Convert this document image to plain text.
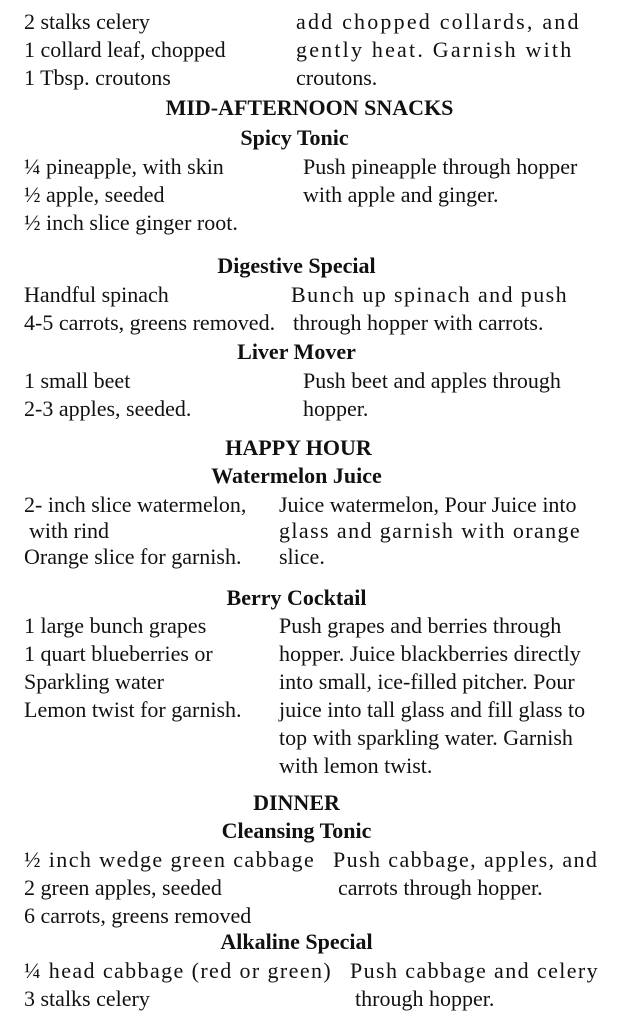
2 stalks celery
1 collard leaf, chopped
1 Tbsp. croutons
add chopped collards, and
gently heat. Garnish with
croutons.
MID-AFTERNOON SNACKS
Spicy Tonic
¼ pineapple, with skin
½ apple, seeded
½ inch slice ginger root.
Push pineapple through hopper
with apple and ginger.
Digestive Special
Handful spinach
4-5 carrots, greens removed.
Bunch up spinach and push
through hopper with carrots.
Liver Mover
1 small beet
2-3 apples, seeded.
Push beet and apples through
hopper.
HAPPY HOUR
Watermelon Juice
2- inch slice watermelon,
with rind
Orange slice for garnish.
Juice watermelon, Pour Juice into
glass and garnish with orange
slice.
Berry Cocktail
1 large bunch grapes
1 quart blueberries or
Sparkling water
Lemon twist for garnish.
Push grapes and berries through
hopper. Juice blackberries directly
into small, ice-filled pitcher. Pour
juice into tall glass and fill glass to
top with sparkling water. Garnish
with lemon twist.
DINNER
Cleansing Tonic
½ inch wedge green cabbage
2 green apples, seeded
6 carrots, greens removed
Push cabbage, apples, and
carrots through hopper.
Alkaline Special
¼ head cabbage (red or green)
3 stalks celery
Push cabbage and celery
through hopper.
